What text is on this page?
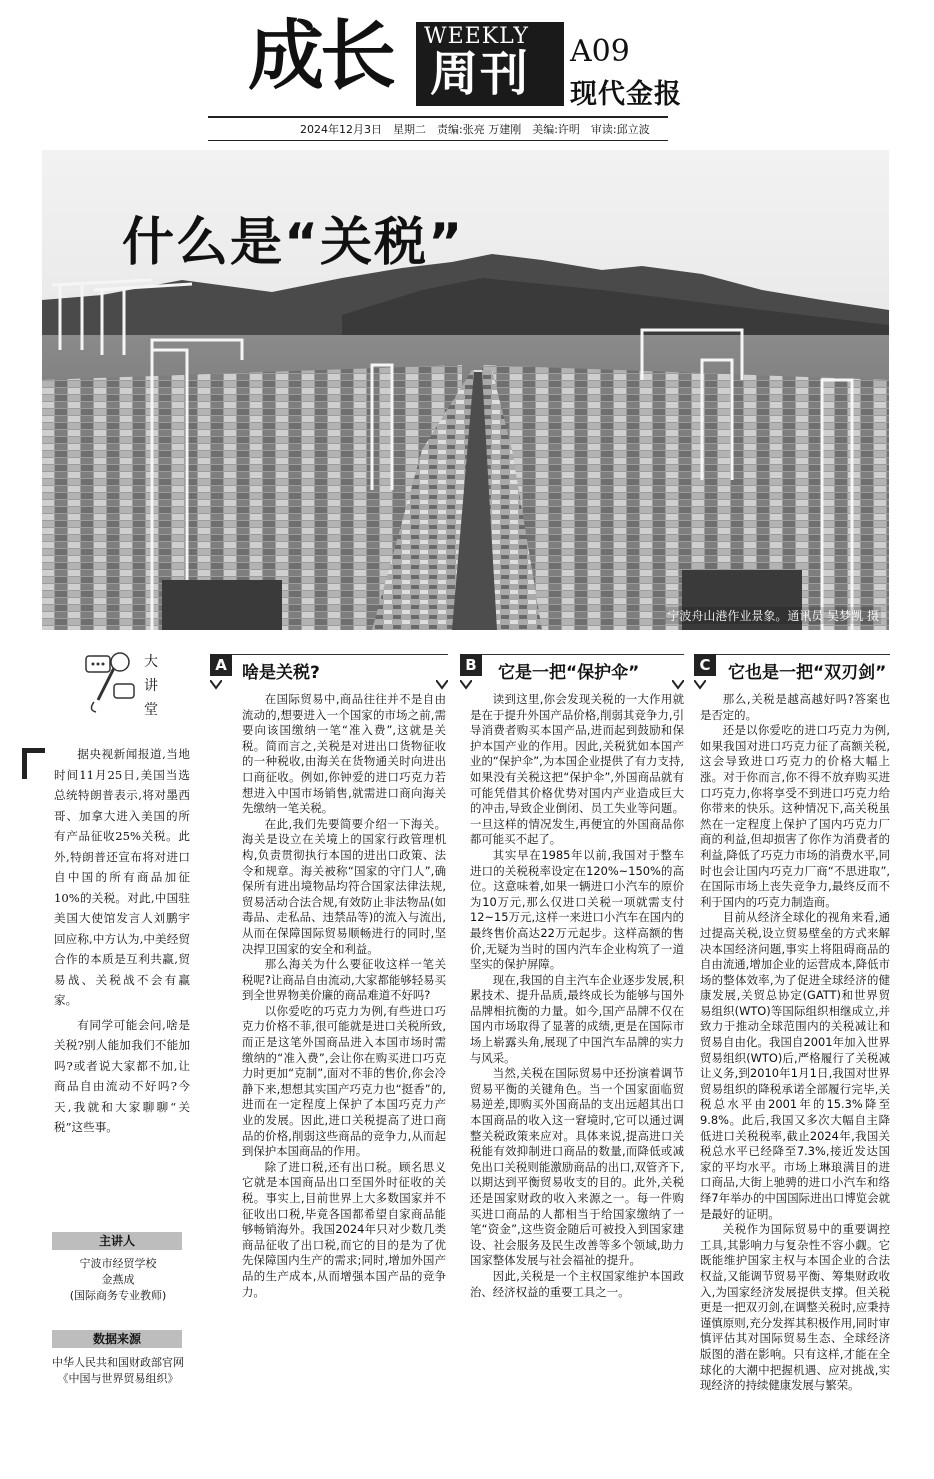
成长 WEEKLY
周刊 A09
现代金报
2024年12月3日　星期二　责编:张亮 万建刚　美编:许明　审读:邱立波
什么是“关税”
宁波舟山港作业景象。通讯员 吴梦凯 摄
大
讲
堂

据央视新闻报道,当地时间11月25日,美国当选总统特朗普表示,将对墨西哥、加拿大进入美国的所有产品征收25%关税。此外,特朗普还宣布将对进口自中国的所有商品加征10%的关税。对此,中国驻美国大使馆发言人刘鹏宇回应称,中方认为,中美经贸合作的本质是互利共赢,贸易战、关税战不会有赢家。

有同学可能会问,啥是关税?别人能加我们不能加吗?或者说大家都不加,让商品自由流动不好吗?今天,我就和大家聊聊“关税”这些事。

主讲人
宁波市经贸学校
金燕成
(国际商务专业教师)
数据来源
中华人民共和国财政部官网
《中国与世界贸易组织》
A 啥是关税?

在国际贸易中,商品往往并不是自由流动的,想要进入一个国家的市场之前,需要向该国缴纳一笔“准入费”,这就是关税。简而言之,关税是对进出口货物征收的一种税收,由海关在货物通关时向进出口商征收。例如,你钟爱的进口巧克力若想进入中国市场销售,就需进口商向海关先缴纳一笔关税。

在此,我们先要简要介绍一下海关。海关是设立在关境上的国家行政管理机构,负责贯彻执行本国的进出口政策、法令和规章。海关被称“国家的守门人”,确保所有进出境物品均符合国家法律法规,贸易活动合法合规,有效防止非法物品(如毒品、走私品、违禁品等)的流入与流出,从而在保障国际贸易顺畅进行的同时,坚决捍卫国家的安全和利益。

那么海关为什么要征收这样一笔关税呢?让商品自由流动,大家都能够轻易买到全世界物美价廉的商品难道不好吗?

以你爱吃的巧克力为例,有些进口巧克力价格不菲,很可能就是进口关税所致,而正是这笔外国商品进入本国市场时需缴纳的“准入费”,会让你在购买进口巧克力时更加“克制”,面对不菲的售价,你会冷静下来,想想其实国产巧克力也“挺香”的,进而在一定程度上保护了本国巧克力产业的发展。因此,进口关税提高了进口商品的价格,削弱这些商品的竞争力,从而起到保护本国商品的作用。

除了进口税,还有出口税。顾名思义它就是本国商品出口至国外时征收的关税。事实上,目前世界上大多数国家并不征收出口税,毕竟各国都希望自家商品能够畅销海外。我国2024年只对少数几类商品征收了出口税,而它的目的是为了优先保障国内生产的需求;同时,增加外国产品的生产成本,从而增强本国产品的竞争力。

B	它是一把“保护伞”

读到这里,你会发现关税的一大作用就是在于提升外国产品价格,削弱其竞争力,引导消费者购买本国产品,进而起到鼓励和保护本国产业的作用。因此,关税犹如本国产业的“保护伞”,为本国企业提供了有力支持,如果没有关税这把“保护伞”,外国商品就有可能凭借其价格优势对国内产业造成巨大的冲击,导致企业倒闭、员工失业等问题。一旦这样的情况发生,再便宜的外国商品你都可能买不起了。

其实早在1985年以前,我国对于整车进口的关税税率设定在120%~150%的高位。这意味着,如果一辆进口小汽车的原价为10万元,那么仅进口关税一项就需支付12~15万元,这样一来进口小汽车在国内的最终售价高达22万元起步。这样高额的售价,无疑为当时的国内汽车企业构筑了一道坚实的保护屏障。

现在,我国的自主汽车企业逐步发展,积累技术、提升品质,最终成长为能够与国外品牌相抗衡的力量。如今,国产品牌不仅在国内市场取得了显著的成绩,更是在国际市场上崭露头角,展现了中国汽车品牌的实力与风采。

当然,关税在国际贸易中还扮演着调节贸易平衡的关键角色。当一个国家面临贸易逆差,即购买外国商品的支出远超其出口本国商品的收入这一窘境时,它可以通过调整关税政策来应对。具体来说,提高进口关税能有效抑制进口商品的数量,而降低或减免出口关税则能激励商品的出口,双管齐下,以期达到平衡贸易收支的目的。此外,关税还是国家财政的收入来源之一。每一件购买进口商品的人都相当于给国家缴纳了一笔“资金”,这些资金随后可被投入到国家建设、社会服务及民生改善等多个领域,助力国家整体发展与社会福祉的提升。

因此,关税是一个主权国家维护本国政治、经济权益的重要工具之一。

C	它也是一把“双刃剑”

那么,关税是越高越好吗?答案也是否定的。

还是以你爱吃的进口巧克力为例,如果我国对进口巧克力征了高额关税,这会导致进口巧克力的价格大幅上涨。对于你而言,你不得不放弃购买进口巧克力,你将享受不到进口巧克力给你带来的快乐。这种情况下,高关税虽然在一定程度上保护了国内巧克力厂商的利益,但却损害了你作为消费者的利益,降低了巧克力市场的消费水平,同时也会让国内巧克力厂商“不思进取”,在国际市场上丧失竞争力,最终反而不利于国内的巧克力制造商。

目前从经济全球化的视角来看,通过提高关税,设立贸易壁垒的方式来解决本国经济问题,事实上将阻碍商品的自由流通,增加企业的运营成本,降低市场的整体效率,为了促进全球经济的健康发展,关贸总协定(GATT)和世界贸易组织(WTO)等国际组织相继成立,并致力于推动全球范围内的关税减让和贸易自由化。我国自2001年加入世界贸易组织(WTO)后,严格履行了关税减让义务,到2010年1月1日,我国对世界贸易组织的降税承诺全部履行完毕,关税总水平由2001年的15.3%降至9.8%。此后,我国又多次大幅自主降低进口关税税率,截止2024年,我国关税总水平已经降至7.3%,接近发达国家的平均水平。市场上琳琅满目的进口商品,大街上驰骋的进口小汽车和络绎7年举办的中国国际进出口博览会就是最好的证明。

关税作为国际贸易中的重要调控工具,其影响力与复杂性不容小觑。它既能维护国家主权与本国企业的合法权益,又能调节贸易平衡、筹集财政收入,为国家经济发展提供支撑。但关税更是一把双刃剑,在调整关税时,应秉持谨慎原则,充分发挥其积极作用,同时审慎评估其对国际贸易生态、全球经济版图的潜在影响。只有这样,才能在全球化的大潮中把握机遇、应对挑战,实现经济的持续健康发展与繁荣。
